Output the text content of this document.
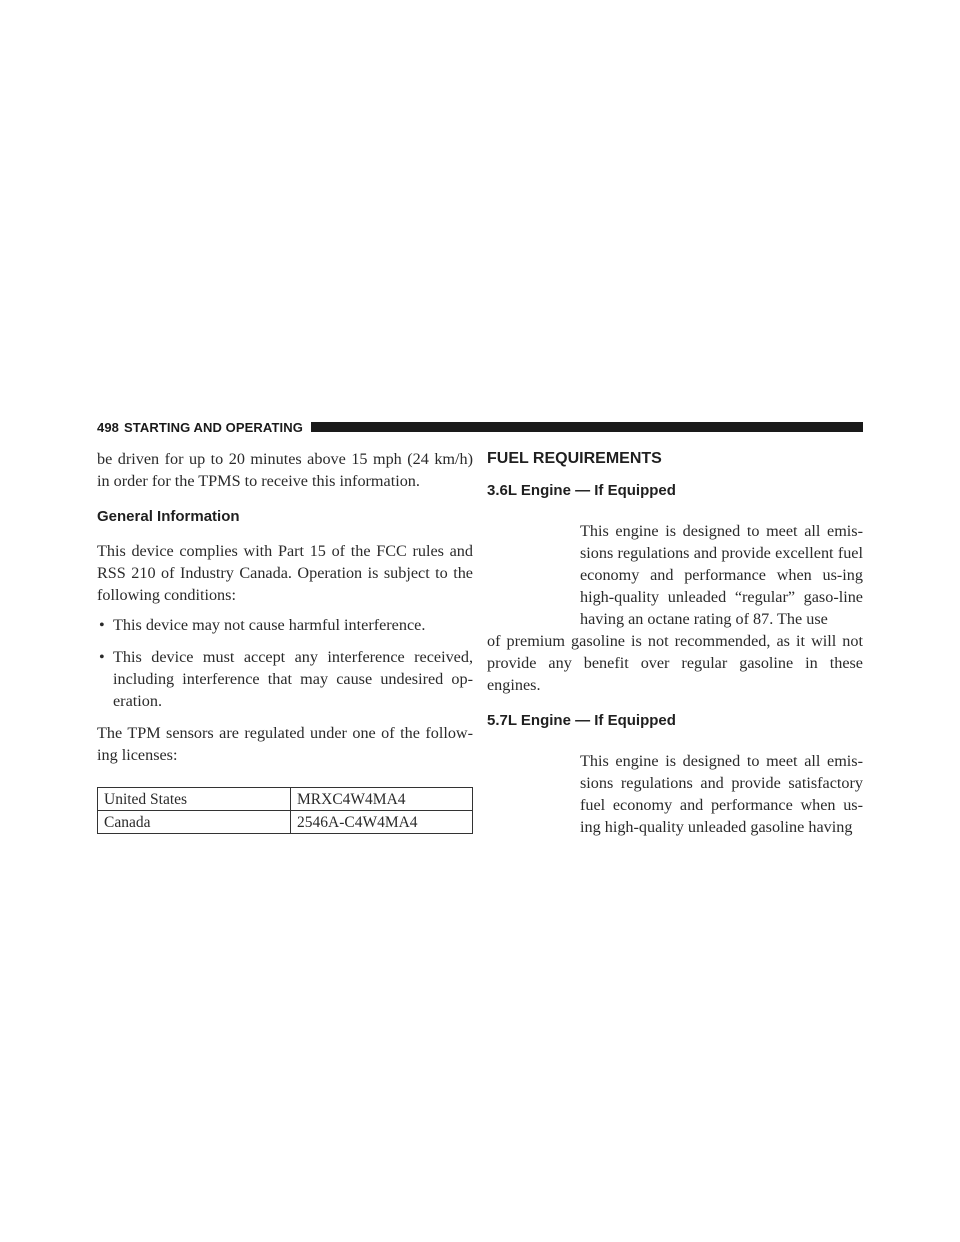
498 STARTING AND OPERATING

be driven for up to 20 minutes above 15 mph (24 km/h) in order for the TPMS to receive this information.

General Information

This device complies with Part 15 of the FCC rules and RSS 210 of Industry Canada. Operation is subject to the following conditions:

• This device may not cause harmful interference.
• This device must accept any interference received, including interference that may cause undesired op-eration.

The TPM sensors are regulated under one of the follow-ing licenses:

United States	MRXC4W4MA4
Canada	2546A-C4W4MA4
FUEL REQUIREMENTS
3.6L Engine — If Equipped

This engine is designed to meet all emis-sions regulations and provide excellent fuel economy and performance when us-ing high-quality unleaded “regular” gaso-line having an octane rating of 87. The use

of premium gasoline is not recommended, as it will not provide any benefit over regular gasoline in these engines.

5.7L Engine — If Equipped

This engine is designed to meet all emis-sions regulations and provide satisfactory fuel economy and performance when us-ing high-quality unleaded gasoline having
